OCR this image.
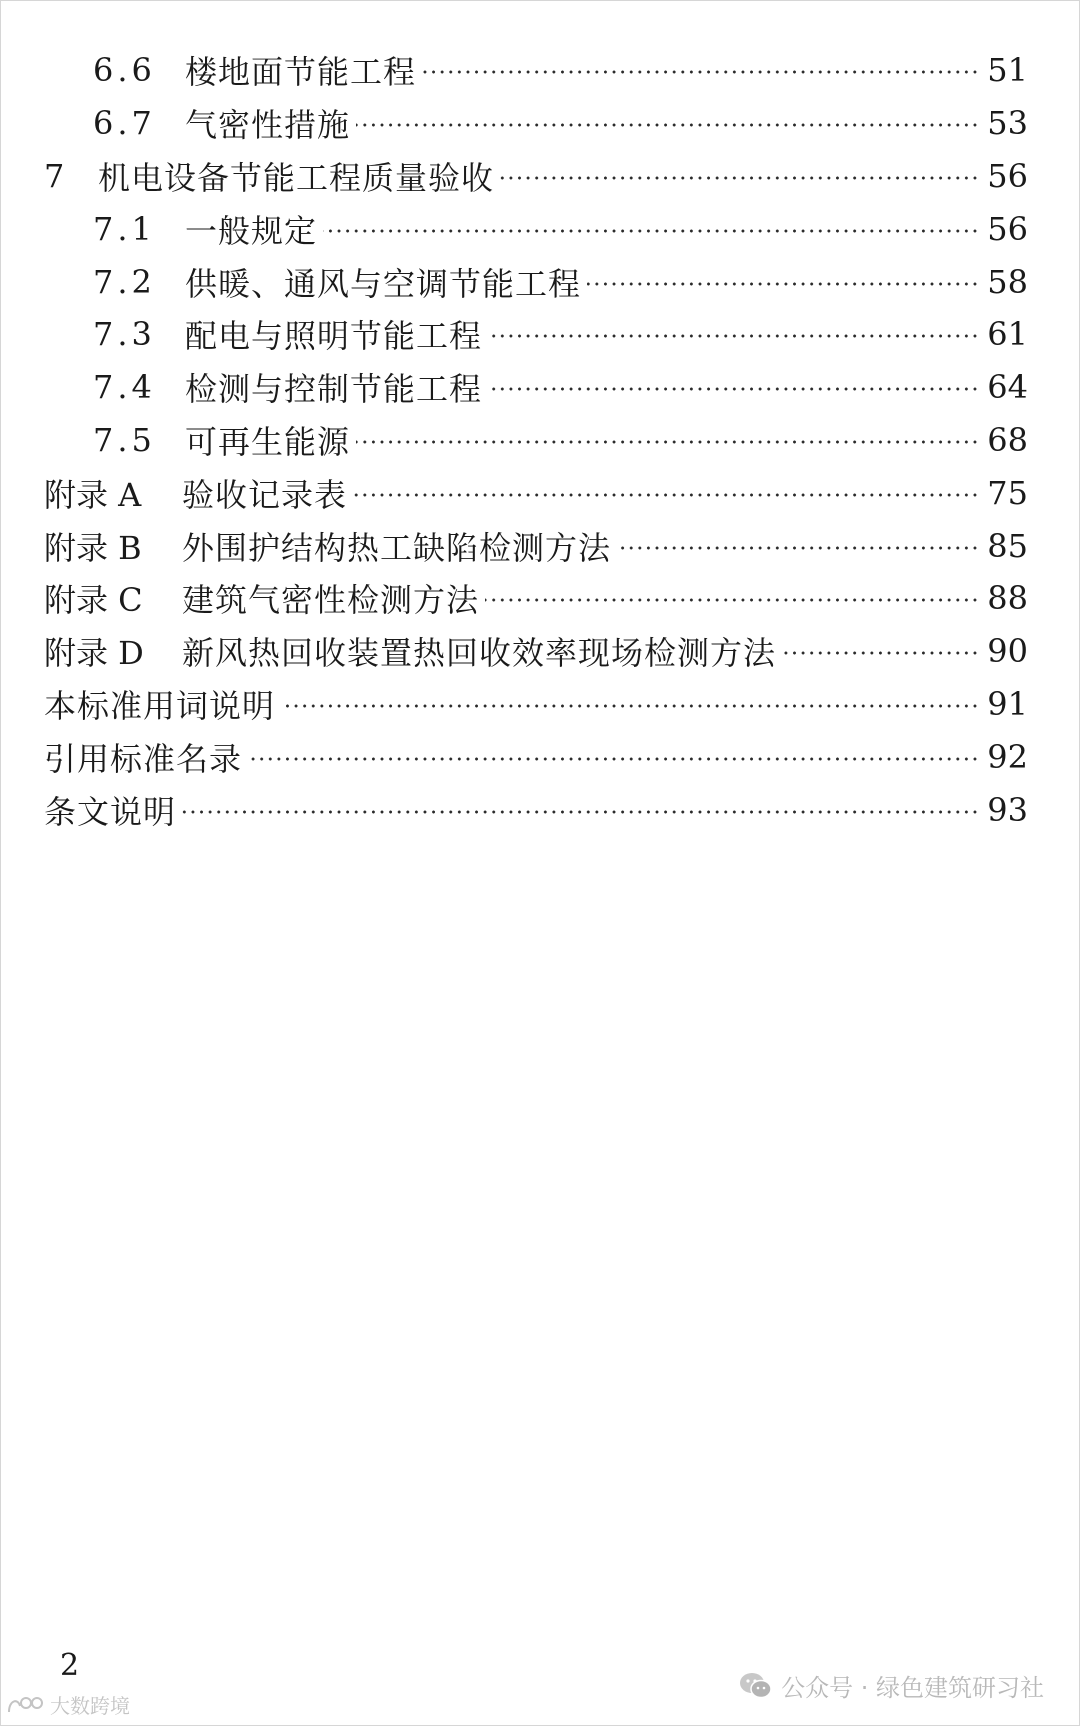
6.6 楼地面节能工程	51
6.7 气密性措施	53
7 机电设备节能工程质量验收	56
7.1 一般规定	56
7.2 供暖、通风与空调节能工程	58
7.3 配电与照明节能工程	61
7.4 检测与控制节能工程	64
7.5 可再生能源	68
附录 A 验收记录表	75
附录 B 外围护结构热工缺陷检测方法	85
附录 C 建筑气密性检测方法	88
附录 D 新风热回收装置热回收效率现场检测方法	90
本标准用词说明	91
引用标准名录	92
条文说明	93
2
公众号 · 绿色建筑研习社
大数跨境
